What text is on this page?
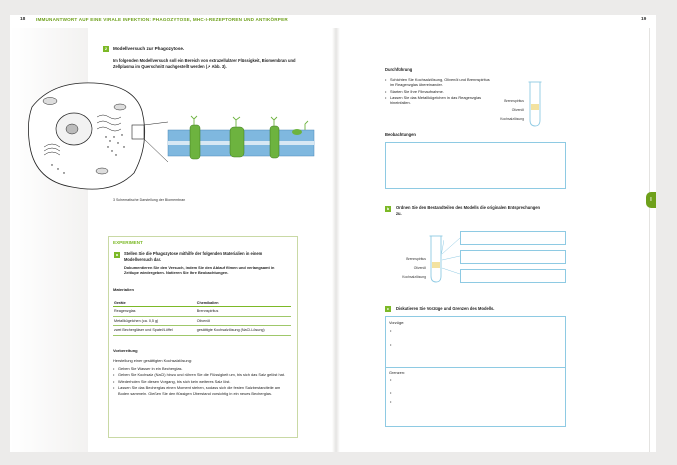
18 IMMUNANTWORT AUF EINE VIRALE INFEKTION: PHAGOZYTOSE, MHC-I-REZEPTOREN UND ANTIKÖRPER	19
I
2	Modellversuch zur Phagozytose.
Im folgenden Modellversuch soll ein Bereich von extrazellulärer Flüssigkeit, Biomembran und Zellplasma im Querschnitt nachgestellt werden (↗ Abb. 3).
3 Schematische Darstellung der Biomembran
EXPERIMENT
a	Stellen Sie die Phagozytose mithilfe der folgenden Materialien in einem Modellversuch dar.
Dokumentieren Sie den Versuch, indem Sie den Ablauf filmen und verlangsamt in Zeitlupe wiedergeben. Notieren Sie Ihre Beobachtungen.
Materialien
Geräte	Chemikalien
Reagenzglas	Brennspiritus
Metallkügelchen (ca. 0,5 g)	Olivenöl
zwei Bechergläser und Spatel/Löffel	gesättigte Kochsalzlösung (NaCl-Lösung)
Vorbereitung
Herstellung einer gesättigten Kochsalzlösung:
• Geben Sie Wasser in ein Becherglas.
• Geben Sie Kochsalz (NaCl) hinzu und rühren Sie die Flüssigkeit um, bis sich das Salz gelöst hat.
• Wiederholen Sie diesen Vorgang, bis sich kein weiteres Salz löst.
• Lassen Sie das Becherglas einen Moment stehen, sodass sich die festen Salzbestandteile am Boden sammeln. Gießen Sie den flüssigen Überstand vorsichtig in ein neues Becherglas.
Durchführung
• Schichten Sie Kochsalzlösung, Olivenöl und Brennspiritus im Reagenzglas übereinander.
• Starten Sie Ihre Filmaufnahme.
• Lassen Sie das Metallkügelchen in das Reagenzglas hineinfallen.	Brennspiritus
Olivenöl
Kochsalzlösung
Beobachtungen
b	Ordnen Sie den Bestandteilen des Modells die originalen Entsprechungen zu.
Brennspiritus
Olivenöl
Kochsalzlösung
c	Diskutieren Sie Vorzüge und Grenzen des Modells.
Vorzüge:
•
•
Grenzen:
•
•
•
